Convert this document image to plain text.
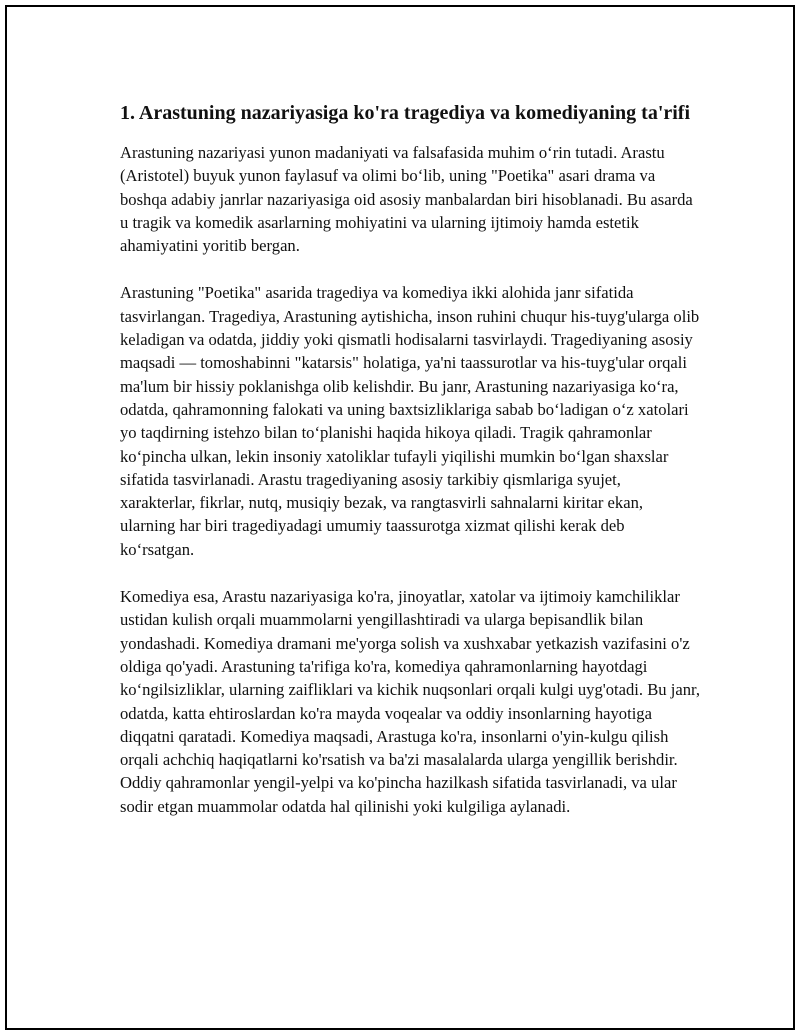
1. Arastuning nazariyasiga ko'ra tragediya va komediyaning ta'rifi

Arastuning nazariyasi yunon madaniyati va falsafasida muhim o‘rin tutadi. Arastu (Aristotel) buyuk yunon faylasuf va olimi bo‘lib, uning "Poetika" asari drama va boshqa adabiy janrlar nazariyasiga oid asosiy manbalardan biri hisoblanadi. Bu asarda u tragik va komedik asarlarning mohiyatini va ularning ijtimoiy hamda estetik ahamiyatini yoritib bergan.

Arastuning "Poetika" asarida tragediya va komediya ikki alohida janr sifatida tasvirlangan. Tragediya, Arastuning aytishicha, inson ruhini chuqur his-tuyg'ularga olib keladigan va odatda, jiddiy yoki qismatli hodisalarni tasvirlaydi. Tragediyaning asosiy maqsadi — tomoshabinni "katarsis" holatiga, ya'ni taassurotlar va his-tuyg'ular orqali ma'lum bir hissiy poklanishga olib kelishdir. Bu janr, Arastuning nazariyasiga ko‘ra, odatda, qahramonning falokati va uning baxtsizliklariga sabab bo‘ladigan o‘z xatolari yo taqdirning istehzo bilan to‘planishi haqida hikoya qiladi. Tragik qahramonlar ko‘pincha ulkan, lekin insoniy xatoliklar tufayli yiqilishi mumkin bo‘lgan shaxslar sifatida tasvirlanadi. Arastu tragediyaning asosiy tarkibiy qismlariga syujet, xarakterlar, fikrlar, nutq, musiqiy bezak, va rangtasvirli sahnalarni kiritar ekan, ularning har biri tragediyadagi umumiy taassurotga xizmat qilishi kerak deb ko‘rsatgan.

Komediya esa, Arastu nazariyasiga ko'ra, jinoyatlar, xatolar va ijtimoiy kamchiliklar ustidan kulish orqali muammolarni yengillashtiradi va ularga bepisandlik bilan yondashadi. Komediya dramani me'yorga solish va xushxabar yetkazish vazifasini o'z oldiga qo'yadi. Arastuning ta'rifiga ko'ra, komediya qahramonlarning hayotdagi ko‘ngilsizliklar, ularning zaifliklari va kichik nuqsonlari orqali kulgi uyg'otadi. Bu janr, odatda, katta ehtiroslardan ko'ra mayda voqealar va oddiy insonlarning hayotiga diqqatni qaratadi. Komediya maqsadi, Arastuga ko'ra, insonlarni o'yin-kulgu qilish orqali achchiq haqiqatlarni ko'rsatish va ba'zi masalalarda ularga yengillik berishdir. Oddiy qahramonlar yengil-yelpi va ko'pincha hazilkash sifatida tasvirlanadi, va ular sodir etgan muammolar odatda hal qilinishi yoki kulgiliga aylanadi.
